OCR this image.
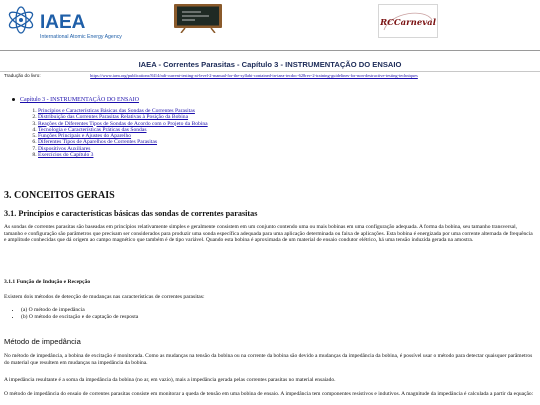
IAEA
International Atomic Energy Agency
RCCarneval
IAEA - Correntes Parasitas - Capítulo 3 - INSTRUMENTAÇÃO DO ENSAIO
Tradução do livro:	https://www.iaea.org/publications/8414/ndt-current-testing-at-level-2-manual-for-the-syllabi-contained-in-iaea-tecdoc-628rev-2-training-guidelines-for-non-destructive-testing-techniques
Capítulo 3 - INSTRUMENTAÇÃO DO ENSAIO
1. Princípios e Características Básicas das Sondas de Correntes Parasitas
2. Distribuição das Correntes Parasitas Relativas à Posição da Bobina
3. Reações de Diferentes Tipos de Sondas de Acordo com o Projeto da Bobina
4. Tecnologia e Características Práticas das Sondas
5. Funções Principais e Ajustes do Aparelho
6. Diferentes Tipos de Aparelhos de Correntes Parasitas
7. Dispositivos Auxiliares
8. Exercícios do Capítulo 3
3. CONCEITOS GERAIS
3.1. Princípios e características básicas das sondas de correntes parasitas

As sondas de correntes parasitas são baseadas em princípios relativamente simples e geralmente consistem em um conjunto contendo uma ou mais bobinas em uma configuração adequada. A forma da bobina, seu tamanho transversal, tamanho e configuração são parâmetros que precisam ser considerados para produzir uma sonda específica adequada para uma aplicação determinada ou faixa de aplicações. Esta bobina é energizada por uma corrente alternada de frequência e amplitude conhecidas que dá origem ao campo magnético que também é de tipo variável. Quando esta bobina é aproximada de um material de ensaio condutor elétrico, há uma tensão induzida gerada na amostra.

3.1.1 Função de Indução e Recepção

Existem dois métodos de detecção de mudanças nas características de correntes parasitas:

• (a) O método de impedância
• (b) O método de excitação e de captação de resposta
Método de impedância

No método de impedância, a bobina de excitação é monitorada. Como as mudanças na tensão da bobina ou na corrente da bobina são devido a mudanças da impedância da bobina, é possível usar o método para detectar quaisquer parâmetros do material que resultem em mudanças na impedância da bobina.

A impedância resultante é a soma da impedância da bobina (no ar, em vazio), mais a impedância gerada pelas correntes parasitas no material ensaiado.

O método de impedância do ensaio de correntes parasitas consiste em monitorar a queda de tensão em uma bobina de ensaio. A impedância tem componentes resistivos e indutivos. A magnitude da impedância é calculada a partir da equação:
